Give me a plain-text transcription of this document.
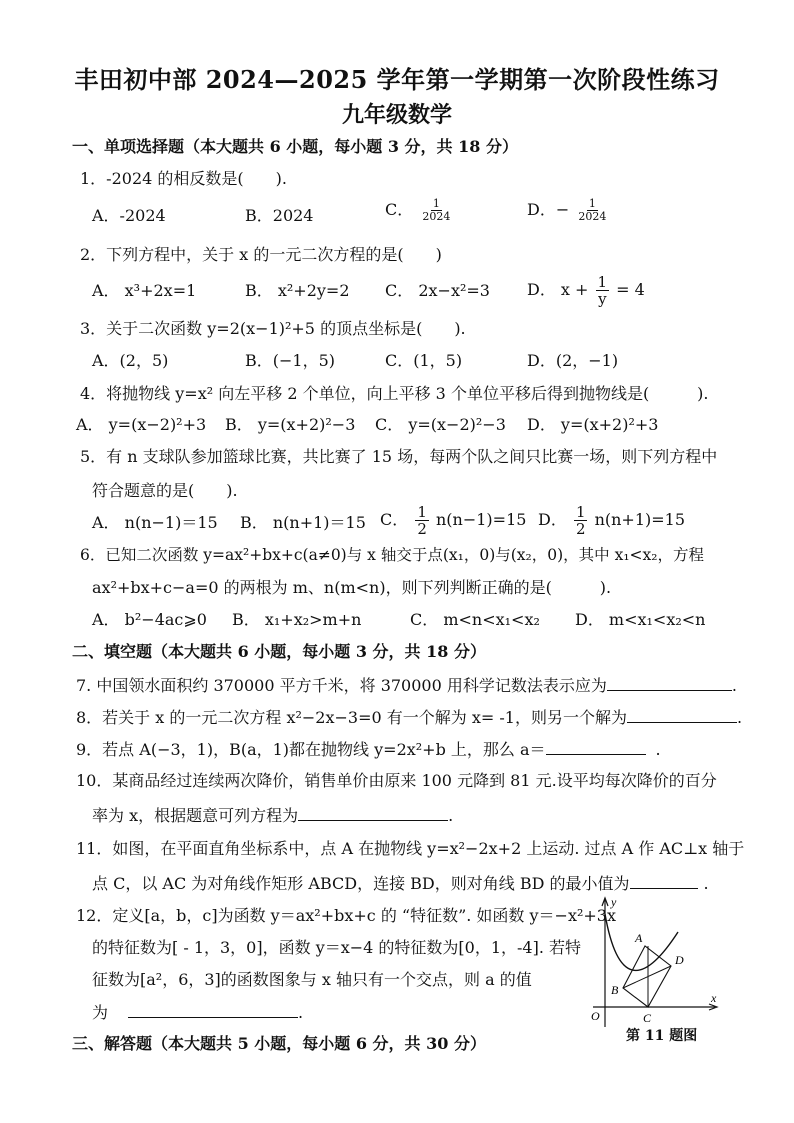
丰田初中部 2024—2025 学年第一学期第一次阶段性练习
九年级数学
一、单项选择题（本大题共 6 小题，每小题 3 分，共 18 分）
1．-2024 的相反数是(　　).
A．-2024	B．2024	C． $\frac{1}{2024}$	D．− $\frac{1}{2024}$
2．下列方程中，关于 x 的一元二次方程的是(　　)
A． x³+2x=1	B． x²+2y=2 C． 2x−x²=3 D． $x + \frac{1}{y} = 4$
3．关于二次函数 y=2(x−1)²+5 的顶点坐标是(　　).
A．(2，5)	B．(−1，5)	C．(1，5)	D．(2，−1)
4．将抛物线 y=x² 向左平移 2 个单位，向上平移 3 个单位平移后得到抛物线是(　　　).
A． y=(x−2)²+3 B． y=(x+2)²−3 C． y=(x−2)²−3 D． y=(x+2)²+3
5．有 n 支球队参加篮球比赛，共比赛了 15 场，每两个队之间只比赛一场，则下列方程中
符合题意的是(　　).
A． n(n−1)＝15 B． n(n+1)＝15 C． $\frac{1}{2} n(n-1)=15$ D． $\frac{1}{2} n(n+1)=15$
6．已知二次函数 y=ax²+bx+c(a≠0)与 x 轴交于点(x₁，0)与(x₂，0)，其中 x₁<x₂，方程
ax²+bx+c−a=0 的两根为 m、n(m<n)，则下列判断正确的是(　　　).
A． b²−4ac⩾0 B． x₁+x₂>m+n	C． m<n<x₁<x₂ D． m<x₁<x₂<n
二、填空题（本大题共 6 小题，每小题 3 分，共 18 分）
7. 中国领水面积约 370000 平方千米，将 370000 用科学记数法表示应为	.
8．若关于 x 的一元二次方程 x²−2x−3=0 有一个解为 x= -1，则另一个解为	.
9．若点 A(−3，1)，B(a，1)都在抛物线 y=2x²+b 上，那么 a＝	.
10．某商品经过连续两次降价，销售单价由原来 100 元降到 81 元.设平均每次降价的百分
率为 x，根据题意可列方程为	.
11．如图，在平面直角坐标系中，点 A 在抛物线 y=x²−2x+2 上运动. 过点 A 作 AC⊥x 轴于
点 C，以 AC 为对角线作矩形 ABCD，连接 BD，则对角线 BD 的最小值为	.
12．定义[a，b，c]为函数 y＝ax²+bx+c 的 “特征数”. 如函数 y＝−x²+3x
的特征数为[ - 1，3，0]，函数 y＝x−4 的特征数为[0，1，-4]. 若特
征数为[a²，6，3]的函数图象与 x 轴只有一个交点，则 a 的值
为	.
y
x
O
A
B
C
D
第 11 题图
三、解答题（本大题共 5 小题，每小题 6 分，共 30 分）
